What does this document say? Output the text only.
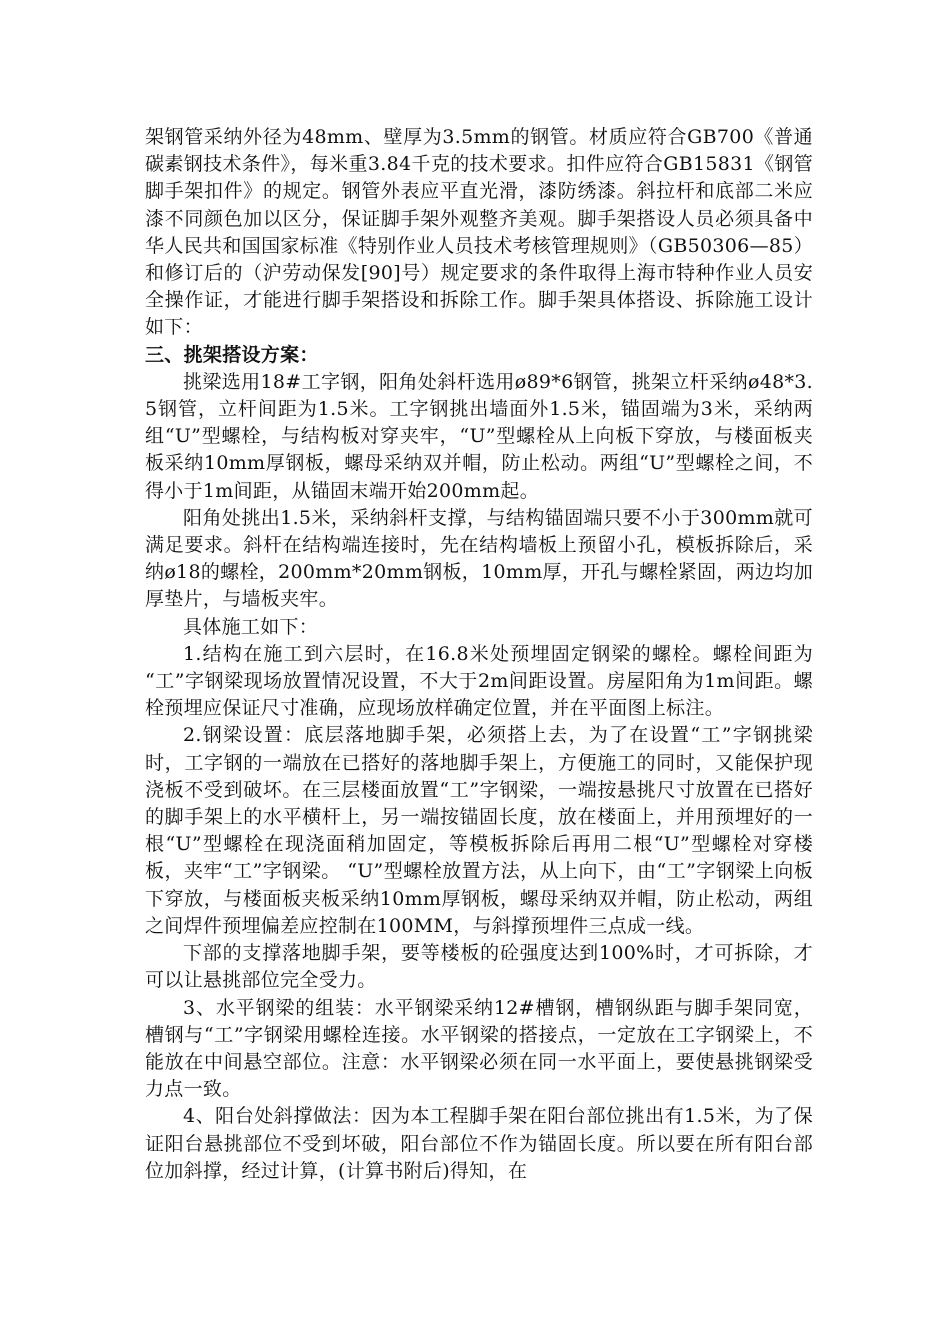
架钢管采纳外径为48mm、壁厚为3.5mm的钢管。材质应符合GB700《普通碳素钢技术条件》，每米重3.84千克的技术要求。扣件应符合GB15831《钢管脚手架扣件》的规定。钢管外表应平直光滑，漆防绣漆。斜拉杆和底部二米应漆不同颜色加以区分，保证脚手架外观整齐美观。脚手架搭设人员必须具备中华人民共和国国家标准《特别作业人员技术考核管理规则》（GB50306—85）和修订后的（沪劳动保发[90]号）规定要求的条件取得上海市特种作业人员安全操作证，才能进行脚手架搭设和拆除工作。脚手架具体搭设、拆除施工设计如下：

三、挑架搭设方案：

挑梁选用18#工字钢，阳角处斜杆选用ø89*6钢管，挑架立杆采纳ø48*3.5钢管，立杆间距为1.5米。工字钢挑出墙面外1.5米，锚固端为3米，采纳两组“U”型螺栓，与结构板对穿夹牢，“U”型螺栓从上向板下穿放，与楼面板夹板采纳10mm厚钢板，螺母采纳双并帽，防止松动。两组“U”型螺栓之间，不得小于1m间距，从锚固末端开始200mm起。

阳角处挑出1.5米，采纳斜杆支撑，与结构锚固端只要不小于300mm就可满足要求。斜杆在结构端连接时，先在结构墙板上预留小孔，模板拆除后，采纳ø18的螺栓，200mm*20mm钢板，10mm厚，开孔与螺栓紧固，两边均加厚垫片，与墙板夹牢。

具体施工如下：

1.结构在施工到六层时，在16.8米处预埋固定钢梁的螺栓。螺栓间距为 “工”字钢梁现场放置情况设置，不大于2m间距设置。房屋阳角为1m间距。螺栓预埋应保证尺寸准确，应现场放样确定位置，并在平面图上标注。

2.钢梁设置：底层落地脚手架，必须搭上去，为了在设置“工”字钢挑梁时，工字钢的一端放在已搭好的落地脚手架上，方便施工的同时，又能保护现浇板不受到破坏。在三层楼面放置“工”字钢梁，一端按悬挑尺寸放置在已搭好的脚手架上的水平横杆上，另一端按锚固长度，放在楼面上，并用预埋好的一根“U”型螺栓在现浇面稍加固定，等模板拆除后再用二根“U”型螺栓对穿楼板，夹牢“工”字钢梁。 “U”型螺栓放置方法，从上向下，由“工”字钢梁上向板下穿放，与楼面板夹板采纳10mm厚钢板，螺母采纳双并帽，防止松动，两组之间焊件预埋偏差应控制在100MM，与斜撑预埋件三点成一线。

下部的支撑落地脚手架，要等楼板的砼强度达到100%时，才可拆除，才可以让悬挑部位完全受力。

3、水平钢梁的组装：水平钢梁采纳12#槽钢，槽钢纵距与脚手架同宽，槽钢与“工”字钢梁用螺栓连接。水平钢梁的搭接点，一定放在工字钢梁上，不能放在中间悬空部位。注意：水平钢梁必须在同一水平面上，要使悬挑钢梁受力点一致。

4、阳台处斜撑做法：因为本工程脚手架在阳台部位挑出有1.5米，为了保证阳台悬挑部位不受到坏破，阳台部位不作为锚固长度。所以要在所有阳台部位加斜撑，经过计算，(计算书附后)得知，在
